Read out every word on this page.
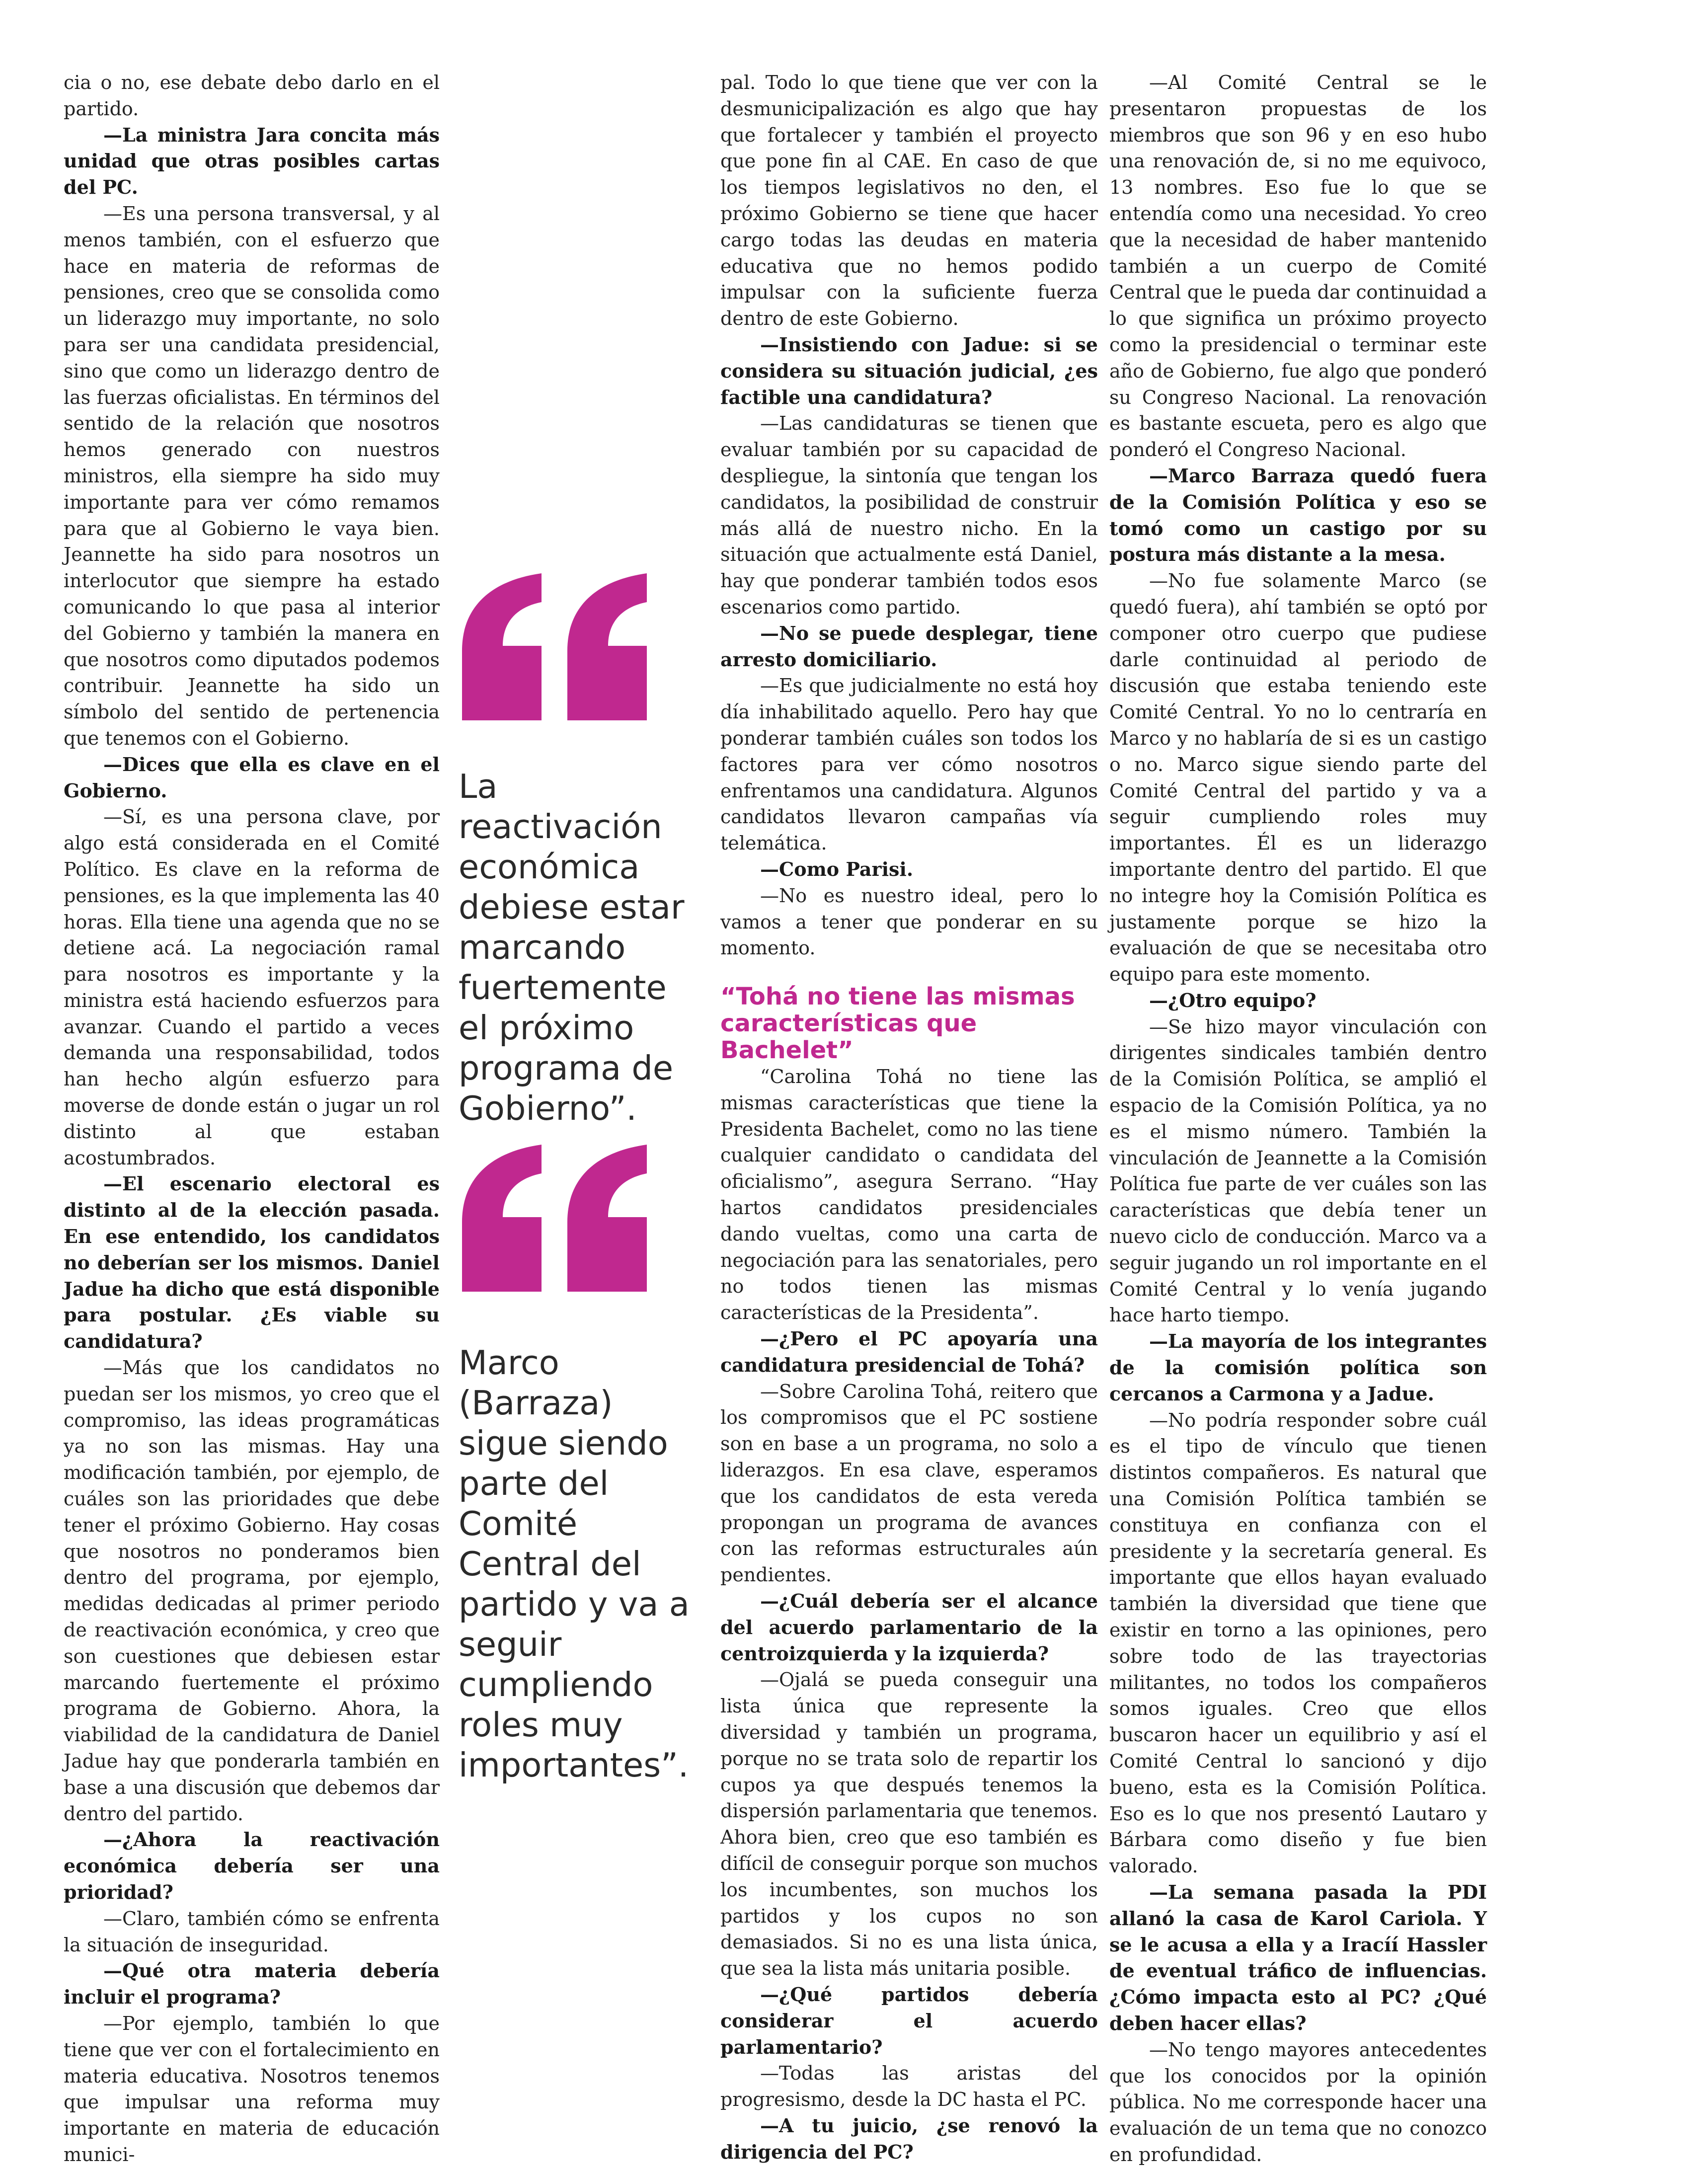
cia o no, ese debate debo darlo en el partido.

—La ministra Jara concita más unidad que otras posibles cartas del PC.

—Es una persona transversal, y al menos también, con el esfuerzo que hace en materia de reformas de pensiones, creo que se consolida como un liderazgo muy importante, no solo para ser una candidata presidencial, sino que como un liderazgo dentro de las fuerzas oficialistas. En términos del sentido de la relación que nosotros hemos generado con nuestros ministros, ella siempre ha sido muy importante para ver cómo remamos para que al Gobierno le vaya bien. Jeannette ha sido para nosotros un interlocutor que siempre ha estado comunicando lo que pasa al interior del Gobierno y también la manera en que nosotros como diputados podemos contribuir. Jeannette ha sido un símbolo del sentido de pertenencia que tenemos con el Gobierno.

—Dices que ella es clave en el Gobierno.

—Sí, es una persona clave, por algo está considerada en el Comité Político. Es clave en la reforma de pensiones, es la que implementa las 40 horas. Ella tiene una agenda que no se detiene acá. La negociación ramal para nosotros es importante y la ministra está haciendo esfuerzos para avanzar. Cuando el partido a veces demanda una responsabilidad, todos han hecho algún esfuerzo para moverse de donde están o jugar un rol distinto al que estaban acostumbrados.

—El escenario electoral es distinto al de la elección pasada. En ese entendido, los candidatos no deberían ser los mismos. Daniel Jadue ha dicho que está disponible para postular. ¿Es viable su candidatura?

—Más que los candidatos no puedan ser los mismos, yo creo que el compromiso, las ideas programáticas ya no son las mismas. Hay una modificación también, por ejemplo, de cuáles son las prioridades que debe tener el próximo Gobierno. Hay cosas que nosotros no ponderamos bien dentro del programa, por ejemplo, medidas dedicadas al primer periodo de reactivación económica, y creo que son cuestiones que debiesen estar marcando fuertemente el próximo programa de Gobierno. Ahora, la viabilidad de la candidatura de Daniel Jadue hay que ponderarla también en base a una discusión que debemos dar dentro del partido.

—¿Ahora la reactivación económica debería ser una prioridad?

—Claro, también cómo se enfrenta la situación de inseguridad.

—Qué otra materia debería incluir el programa?

—Por ejemplo, también lo que tiene que ver con el fortalecimiento en materia educativa. Nosotros tenemos que impulsar una reforma muy importante en materia de educación munici-

La reactivación económica debiese estar marcando fuertemente el próximo programa de Gobierno”.
Marco (Barraza) sigue siendo parte del Comité Central del partido y va a seguir cumpliendo roles muy importantes”.

pal. Todo lo que tiene que ver con la desmunicipalización es algo que hay que fortalecer y también el proyecto que pone fin al CAE. En caso de que los tiempos legislativos no den, el próximo Gobierno se tiene que hacer cargo todas las deudas en materia educativa que no hemos podido impulsar con la suficiente fuerza dentro de este Gobierno.

—Insistiendo con Jadue: si se considera su situación judicial, ¿es factible una candidatura?

—Las candidaturas se tienen que evaluar también por su capacidad de despliegue, la sintonía que tengan los candidatos, la posibilidad de construir más allá de nuestro nicho. En la situación que actualmente está Daniel, hay que ponderar también todos esos escenarios como partido.

—No se puede desplegar, tiene arresto domiciliario.

—Es que judicialmente no está hoy día inhabilitado aquello. Pero hay que ponderar también cuáles son todos los factores para ver cómo nosotros enfrentamos una candidatura. Algunos candidatos llevaron campañas vía telemática.

—Como Parisi.

—No es nuestro ideal, pero lo vamos a tener que ponderar en su momento.

“Tohá no tiene las mismas características que Bachelet”

“Carolina Tohá no tiene las mismas características que tiene la Presidenta Bachelet, como no las tiene cualquier candidato o candidata del oficialismo”, asegura Serrano. “Hay hartos candidatos presidenciales dando vueltas, como una carta de negociación para las senatoriales, pero no todos tienen las mismas características de la Presidenta”.

—¿Pero el PC apoyaría una candidatura presidencial de Tohá?

—Sobre Carolina Tohá, reitero que los compromisos que el PC sostiene son en base a un programa, no solo a liderazgos. En esa clave, esperamos que los candidatos de esta vereda propongan un programa de avances con las reformas estructurales aún pendientes.

—¿Cuál debería ser el alcance del acuerdo parlamentario de la centroizquierda y la izquierda?

—Ojalá se pueda conseguir una lista única que represente la diversidad y también un programa, porque no se trata solo de repartir los cupos ya que después tenemos la dispersión parlamentaria que tenemos. Ahora bien, creo que eso también es difícil de conseguir porque son muchos los incumbentes, son muchos los partidos y los cupos no son demasiados. Si no es una lista única, que sea la lista más unitaria posible.

—¿Qué partidos debería considerar el acuerdo parlamentario?

—Todas las aristas del progresismo, desde la DC hasta el PC.

—A tu juicio, ¿se renovó la dirigencia del PC?

—Al Comité Central se le presentaron propuestas de los miembros que son 96 y en eso hubo una renovación de, si no me equivoco, 13 nombres. Eso fue lo que se entendía como una necesidad. Yo creo que la necesidad de haber mantenido también a un cuerpo de Comité Central que le pueda dar continuidad a lo que significa un próximo proyecto como la presidencial o terminar este año de Gobierno, fue algo que ponderó su Congreso Nacional. La renovación es bastante escueta, pero es algo que ponderó el Congreso Nacional.

—Marco Barraza quedó fuera de la Comisión Política y eso se tomó como un castigo por su postura más distante a la mesa.

—No fue solamente Marco (se quedó fuera), ahí también se optó por componer otro cuerpo que pudiese darle continuidad al periodo de discusión que estaba teniendo este Comité Central. Yo no lo centraría en Marco y no hablaría de si es un castigo o no. Marco sigue siendo parte del Comité Central del partido y va a seguir cumpliendo roles muy importantes. Él es un liderazgo importante dentro del partido. El que no integre hoy la Comisión Política es justamente porque se hizo la evaluación de que se necesitaba otro equipo para este momento.

—¿Otro equipo?

—Se hizo mayor vinculación con dirigentes sindicales también dentro de la Comisión Política, se amplió el espacio de la Comisión Política, ya no es el mismo número. También la vinculación de Jeannette a la Comisión Política fue parte de ver cuáles son las características que debía tener un nuevo ciclo de conducción. Marco va a seguir jugando un rol importante en el Comité Central y lo venía jugando hace harto tiempo.

—La mayoría de los integrantes de la comisión política son cercanos a Carmona y a Jadue.

—No podría responder sobre cuál es el tipo de vínculo que tienen distintos compañeros. Es natural que una Comisión Política también se constituya en confianza con el presidente y la secretaría general. Es importante que ellos hayan evaluado también la diversidad que tiene que existir en torno a las opiniones, pero sobre todo de las trayectorias militantes, no todos los compañeros somos iguales. Creo que ellos buscaron hacer un equilibrio y así el Comité Central lo sancionó y dijo bueno, esta es la Comisión Política. Eso es lo que nos presentó Lautaro y Bárbara como diseño y fue bien valorado.

—La semana pasada la PDI allanó la casa de Karol Cariola. Y se le acusa a ella y a Iracíí Hassler de eventual tráfico de influencias. ¿Cómo impacta esto al PC? ¿Qué deben hacer ellas?

—No tengo mayores antecedentes que los conocidos por la opinión pública. No me corresponde hacer una evaluación de un tema que no conozco en profundidad.
